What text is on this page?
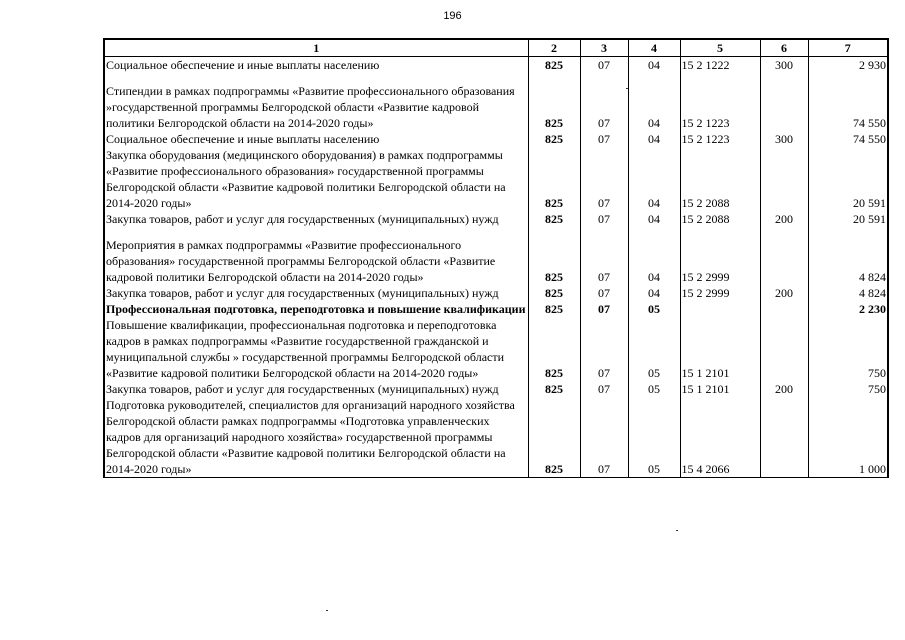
196
1	2	3	4	5	6	7
Социальное обеспечение и иные выплаты населению	825	07	04	15 2 1222	300	2 930

Стипендии в рамках подпрограммы «Развитие профессионального образования »государственной программы Белгородской области «Развитие кадровой политики Белгородской области на 2014-2020 годы»	825	07	04	15 2 1223		74 550
Социальное обеспечение и иные выплаты населению	825	07	04	15 2 1223	300	74 550
Закупка оборудования (медицинского оборудования) в рамках подпрограммы «Развитие профессионального образования» государственной программы Белгородской области «Развитие кадровой политики Белгородской области на 2014-2020 годы»	825	07	04	15 2 2088		20 591
Закупка товаров, работ и услуг для государственных (муниципальных) нужд	825	07	04	15 2 2088	200	20 591

Мероприятия в рамках подпрограммы «Развитие профессионального образования» государственной программы Белгородской области «Развитие кадровой политики Белгородской области на 2014-2020 годы»	825	07	04	15 2 2999		4 824
Закупка товаров, работ и услуг для государственных (муниципальных) нужд	825	07	04	15 2 2999	200	4 824
Профессиональная подготовка, переподготовка и повышение квалификации	825	07	05			2 230
Повышение квалификации, профессиональная подготовка и переподготовка кадров в рамках подпрограммы «Развитие государственной гражданской и муниципальной службы » государственной программы Белгородской области «Развитие кадровой политики Белгородской области на 2014-2020 годы»	825	07	05	15 1 2101		750
Закупка товаров, работ и услуг для государственных (муниципальных) нужд	825	07	05	15 1 2101	200	750
Подготовка руководителей, специалистов для организаций народного хозяйства Белгородской области рамках подпрограммы «Подготовка управленческих кадров для организаций народного хозяйства» государственной программы Белгородской области «Развитие кадровой политики Белгородской области на 2014-2020 годы»	825	07	05	15 4 2066		1 000
